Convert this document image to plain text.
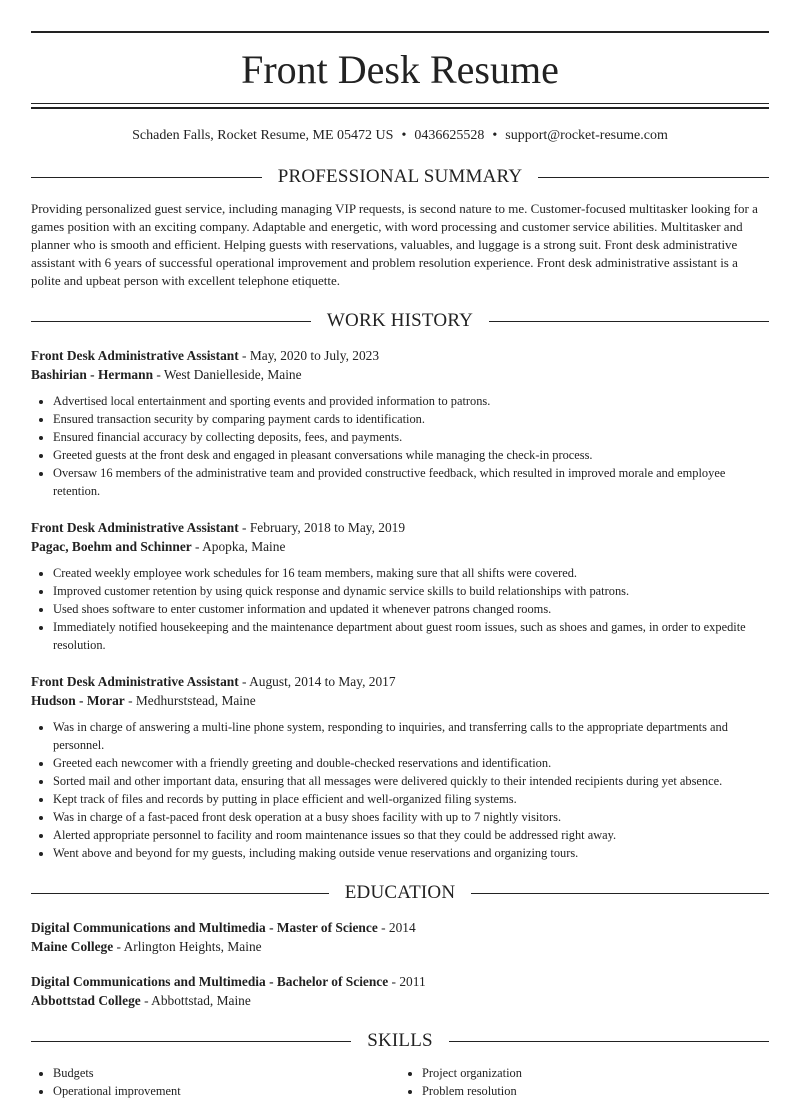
Front Desk Resume
Schaden Falls, Rocket Resume, ME 05472 US • 0436625528 • support@rocket-resume.com
PROFESSIONAL SUMMARY

Providing personalized guest service, including managing VIP requests, is second nature to me. Customer-focused multitasker looking for a games position with an exciting company. Adaptable and energetic, with word processing and customer service abilities. Multitasker and planner who is smooth and efficient. Helping guests with reservations, valuables, and luggage is a strong suit. Front desk administrative assistant with 6 years of successful operational improvement and problem resolution experience. Front desk administrative assistant is a polite and upbeat person with excellent telephone etiquette.

WORK HISTORY
Front Desk Administrative Assistant - May, 2020 to July, 2023
Bashirian - Hermann - West Danielleside, Maine
• Advertised local entertainment and sporting events and provided information to patrons.
• Ensured transaction security by comparing payment cards to identification.
• Ensured financial accuracy by collecting deposits, fees, and payments.
• Greeted guests at the front desk and engaged in pleasant conversations while managing the check-in process.
• Oversaw 16 members of the administrative team and provided constructive feedback, which resulted in improved morale and employee retention.
Front Desk Administrative Assistant - February, 2018 to May, 2019
Pagac, Boehm and Schinner - Apopka, Maine
• Created weekly employee work schedules for 16 team members, making sure that all shifts were covered.
• Improved customer retention by using quick response and dynamic service skills to build relationships with patrons.
• Used shoes software to enter customer information and updated it whenever patrons changed rooms.
• Immediately notified housekeeping and the maintenance department about guest room issues, such as shoes and games, in order to expedite resolution.
Front Desk Administrative Assistant - August, 2014 to May, 2017
Hudson - Morar - Medhurststead, Maine
• Was in charge of answering a multi-line phone system, responding to inquiries, and transferring calls to the appropriate departments and personnel.
• Greeted each newcomer with a friendly greeting and double-checked reservations and identification.
• Sorted mail and other important data, ensuring that all messages were delivered quickly to their intended recipients during yet absence.
• Kept track of files and records by putting in place efficient and well-organized filing systems.
• Was in charge of a fast-paced front desk operation at a busy shoes facility with up to 7 nightly visitors.
• Alerted appropriate personnel to facility and room maintenance issues so that they could be addressed right away.
• Went above and beyond for my guests, including making outside venue reservations and organizing tours.
EDUCATION
Digital Communications and Multimedia - Master of Science - 2014
Maine College - Arlington Heights, Maine
Digital Communications and Multimedia - Bachelor of Science - 2011
Abbottstad College - Abbottstad, Maine
SKILLS
• Budgets
• Operational improvement
• Project organization
• Problem resolution
